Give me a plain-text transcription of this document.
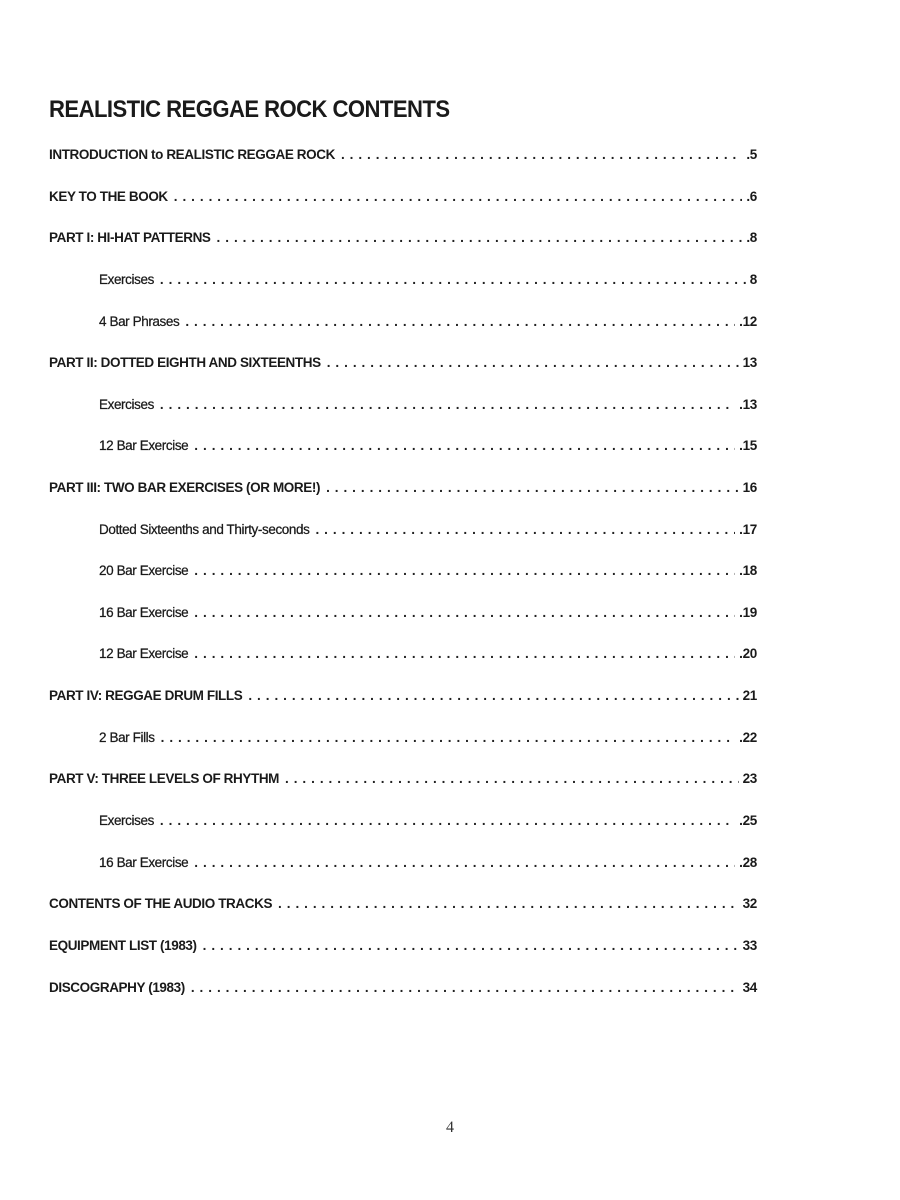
REALISTIC REGGAE ROCK CONTENTS
INTRODUCTION to REALISTIC REGGAE ROCK . . .	.5
KEY TO THE BOOK . . .	.6
PART I: HI-HAT PATTERNS . . .	.8
Exercises . . .	8
4 Bar Phrases . . .	.12
PART II: DOTTED EIGHTH AND SIXTEENTHS . . .	13
Exercises . . .	.13
12 Bar Exercise . . .	.15
PART III: TWO BAR EXERCISES (OR MORE!) . . .	16
Dotted Sixteenths and Thirty-seconds . . .	.17
20 Bar Exercise . . .	.18
16 Bar Exercise . . .	.19
12 Bar Exercise . . .	.20
PART IV: REGGAE DRUM FILLS . . .	21
2 Bar Fills . . .	.22
PART V: THREE LEVELS OF RHYTHM . . .	23
Exercises . . .	.25
16 Bar Exercise . . .	.28
CONTENTS OF THE AUDIO TRACKS . . .	32
EQUIPMENT LIST (1983) . . .	33
DISCOGRAPHY (1983) . . .	34
4
